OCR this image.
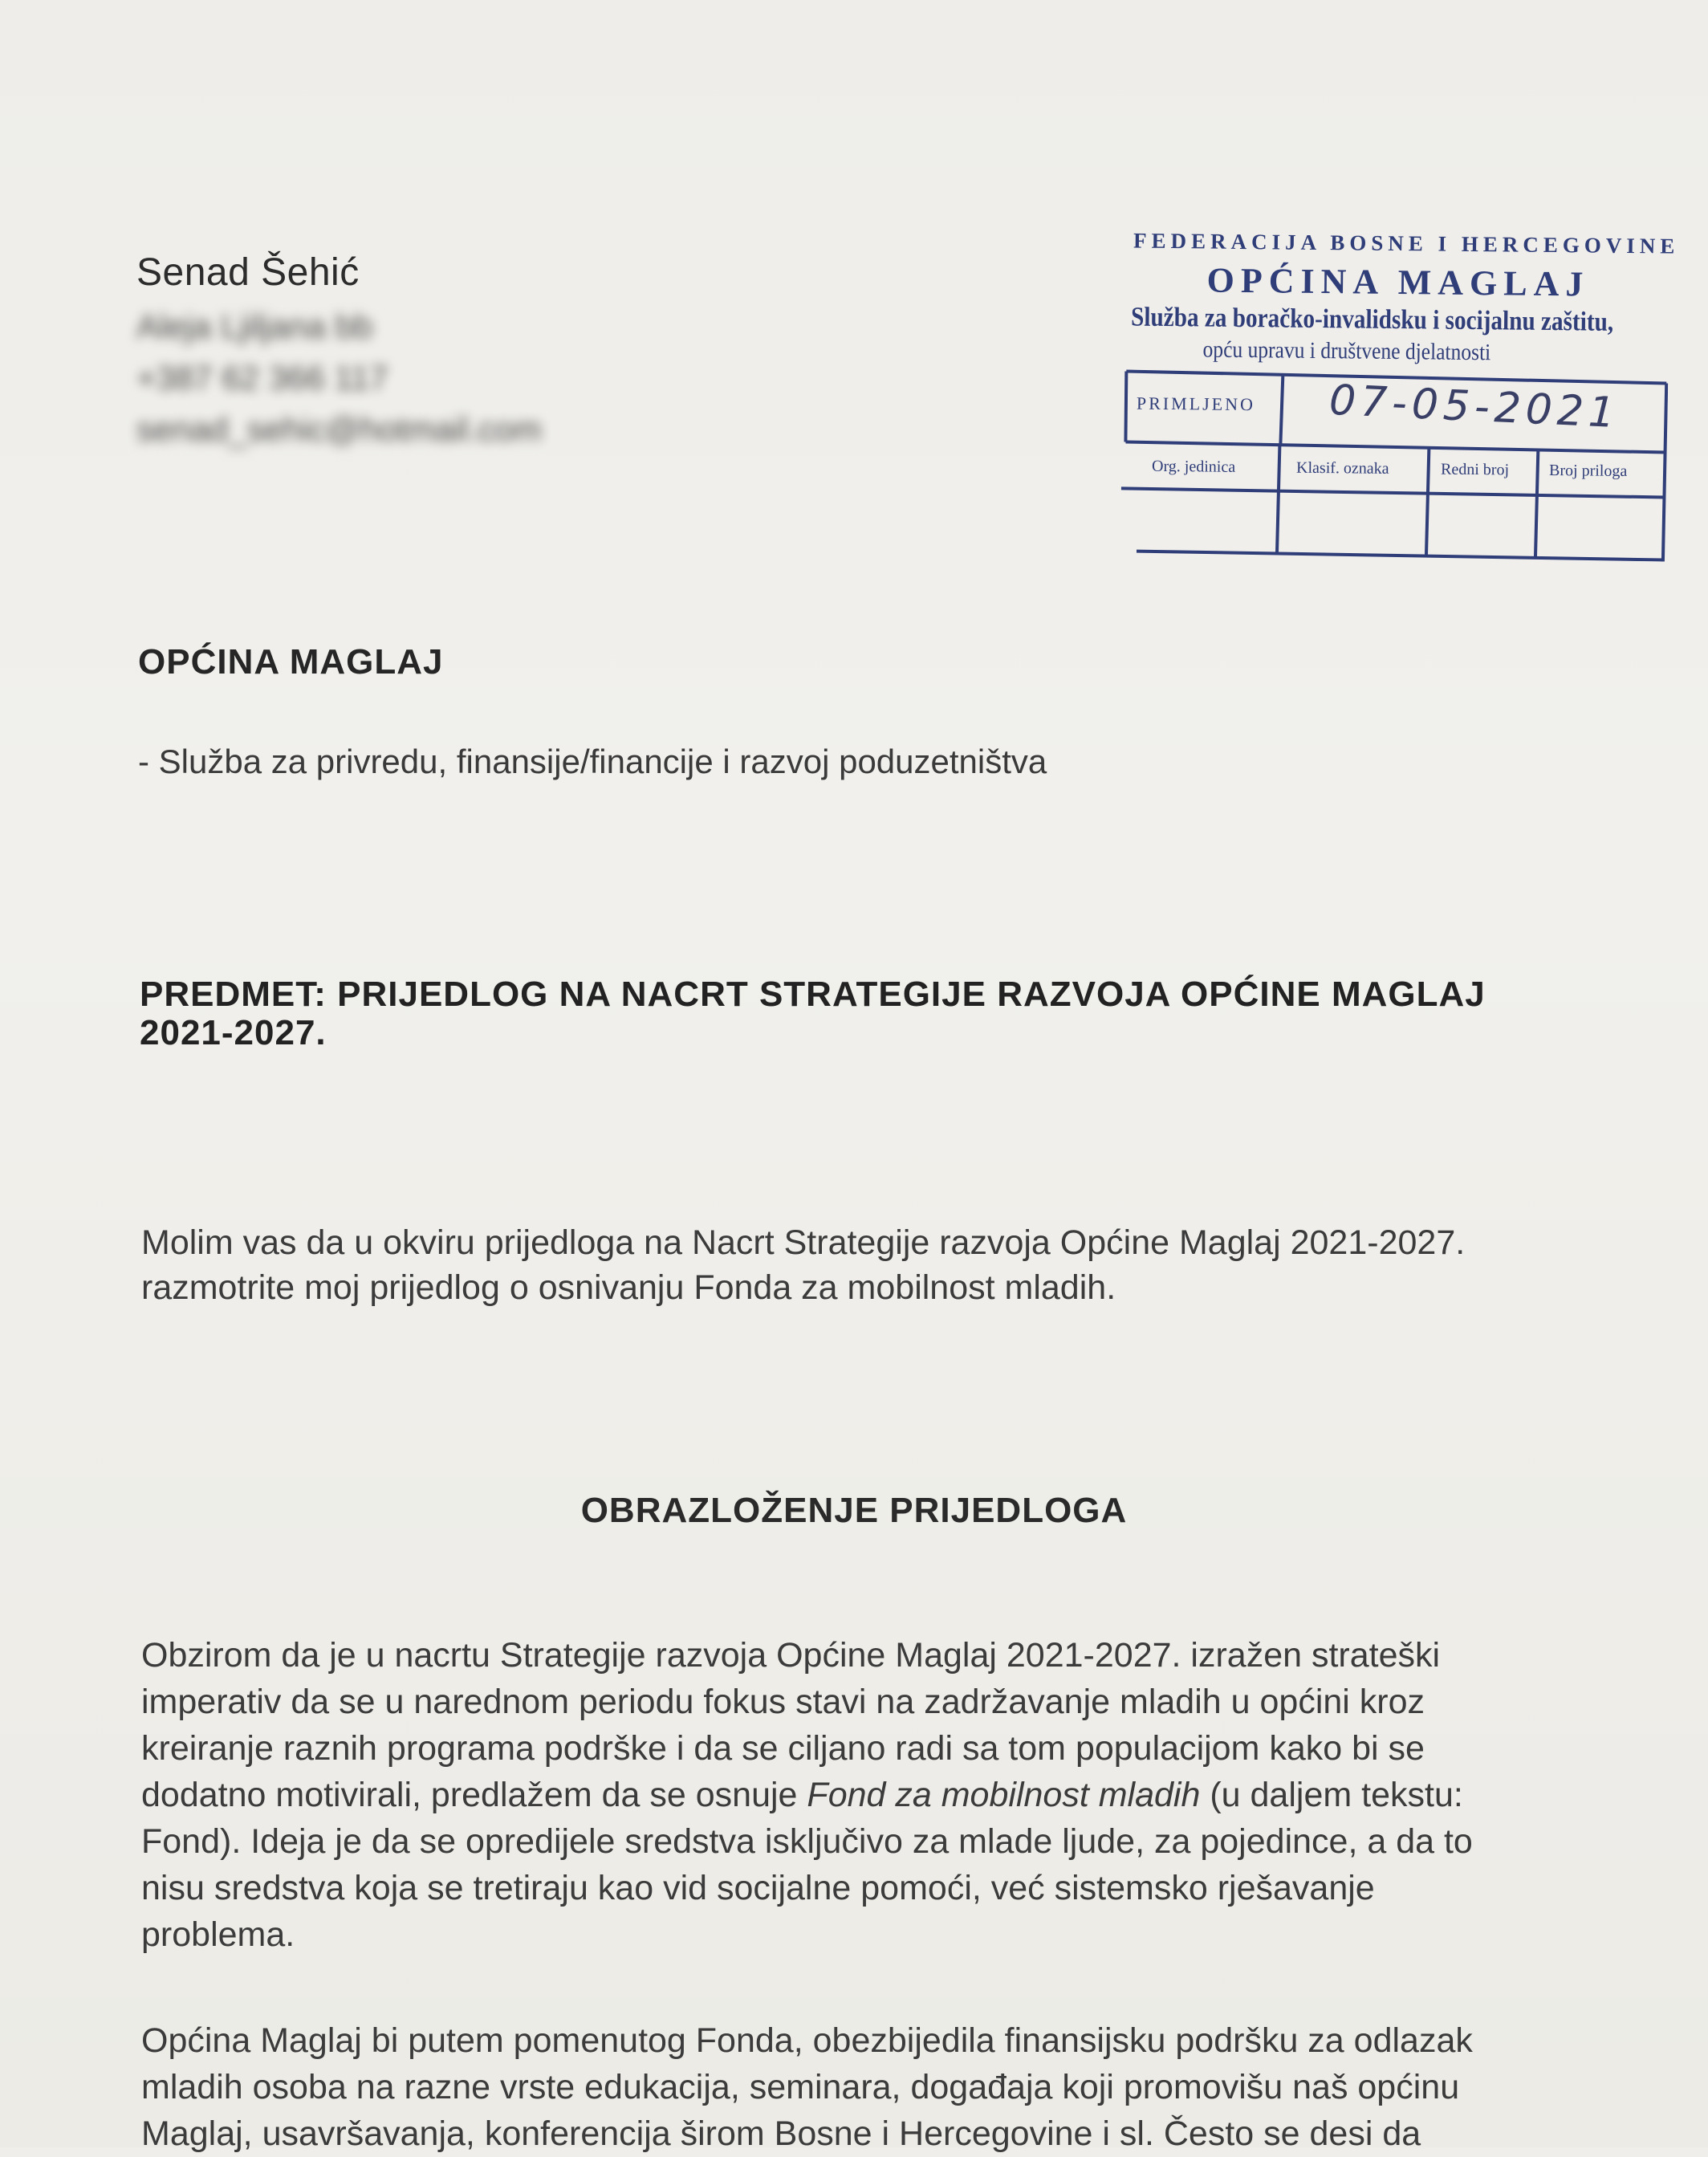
Senad Šehić
Aleja Ljiljana bb
+387 62 366 117
senad_sehic@hotmail.com
FEDERACIJA BOSNE I HERCEGOVINE
OPĆINA MAGLAJ
Služba za boračko-invalidsku i socijalnu zaštitu,
opću upravu i društvene djelatnosti
PRIMLJENO 07-05-2021
Org. jedinica	Klasif. oznaka	Redni broj Broj priloga
OPĆINA MAGLAJ
- Služba za privredu, finansije/financije i razvoj poduzetništva
PREDMET: PRIJEDLOG NA NACRT STRATEGIJE RAZVOJA OPĆINE MAGLAJ
2021-2027.
Molim vas da u okviru prijedloga na Nacrt Strategije razvoja Općine Maglaj 2021-2027.
razmotrite moj prijedlog o osnivanju Fonda za mobilnost mladih.
OBRAZLOŽENJE PRIJEDLOGA
Obzirom da je u nacrtu Strategije razvoja Općine Maglaj 2021-2027. izražen strateški
imperativ da se u narednom periodu fokus stavi na zadržavanje mladih u općini kroz
kreiranje raznih programa podrške i da se ciljano radi sa tom populacijom kako bi se
dodatno motivirali, predlažem da se osnuje Fond za mobilnost mladih (u daljem tekstu:
Fond). Ideja je da se opredijele sredstva isključivo za mlade ljude, za pojedince, a da to
nisu sredstva koja se tretiraju kao vid socijalne pomoći, već sistemsko rješavanje
problema.
Općina Maglaj bi putem pomenutog Fonda, obezbijedila finansijsku podršku za odlazak
mladih osoba na razne vrste edukacija, seminara, događaja koji promovišu naš općinu
Maglaj, usavršavanja, konferencija širom Bosne i Hercegovine i sl. Često se desi da
